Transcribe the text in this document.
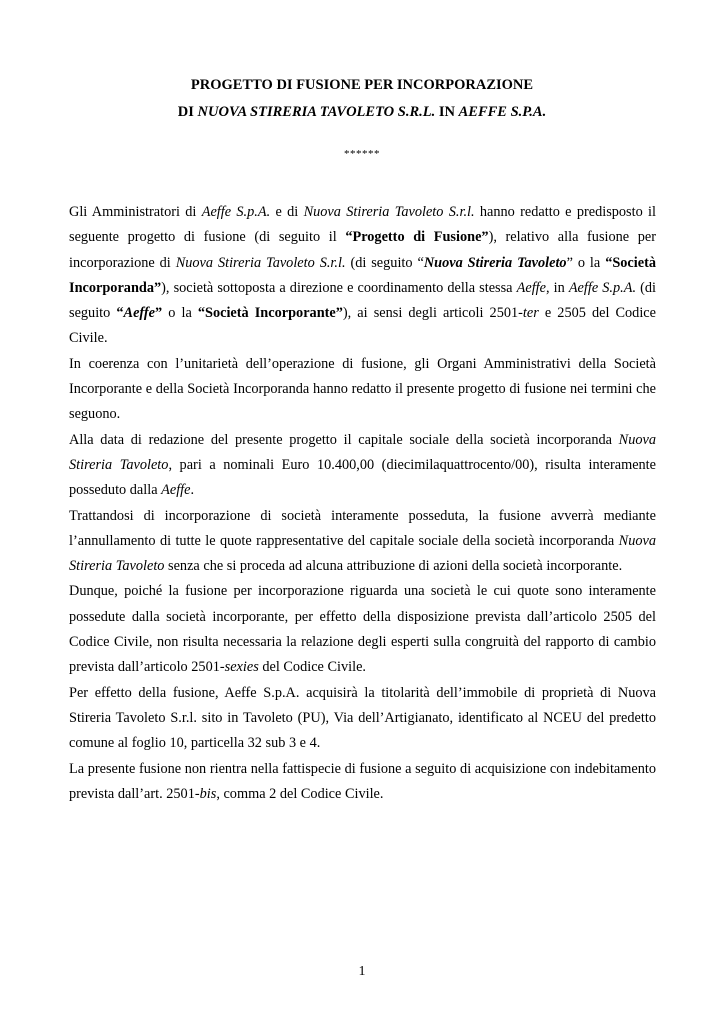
PROGETTO DI FUSIONE PER INCORPORAZIONE
DI NUOVA STIRERIA TAVOLETO S.R.L. IN AEFFE S.P.A.
******

Gli Amministratori di Aeffe S.p.A. e di Nuova Stireria Tavoleto S.r.l. hanno redatto e predisposto il seguente progetto di fusione (di seguito il “Progetto di Fusione”), relativo alla fusione per incorporazione di Nuova Stireria Tavoleto S.r.l. (di seguito “Nuova Stireria Tavoleto” o la “Società Incorporanda”), società sottoposta a direzione e coordinamento della stessa Aeffe, in Aeffe S.p.A. (di seguito “Aeffe” o la “Società Incorporante”), ai sensi degli articoli 2501-ter e 2505 del Codice Civile.

In coerenza con l’unitarietà dell’operazione di fusione, gli Organi Amministrativi della Società Incorporante e della Società Incorporanda hanno redatto il presente progetto di fusione nei termini che seguono.

Alla data di redazione del presente progetto il capitale sociale della società incorporanda Nuova Stireria Tavoleto, pari a nominali Euro 10.400,00 (diecimilaquattrocento/00), risulta interamente posseduto dalla Aeffe.

Trattandosi di incorporazione di società interamente posseduta, la fusione avverrà mediante l’annullamento di tutte le quote rappresentative del capitale sociale della società incorporanda Nuova Stireria Tavoleto senza che si proceda ad alcuna attribuzione di azioni della società incorporante.

Dunque, poiché la fusione per incorporazione riguarda una società le cui quote sono interamente possedute dalla società incorporante, per effetto della disposizione prevista dall’articolo 2505 del Codice Civile, non risulta necessaria la relazione degli esperti sulla congruità del rapporto di cambio prevista dall’articolo 2501-sexies del Codice Civile.

Per effetto della fusione, Aeffe S.p.A. acquisirà la titolarità dell’immobile di proprietà di Nuova Stireria Tavoleto S.r.l. sito in Tavoleto (PU), Via dell’Artigianato, identificato al NCEU del predetto comune al foglio 10, particella 32 sub 3 e 4.

La presente fusione non rientra nella fattispecie di fusione a seguito di acquisizione con indebitamento prevista dall’art. 2501-bis, comma 2 del Codice Civile.

1
